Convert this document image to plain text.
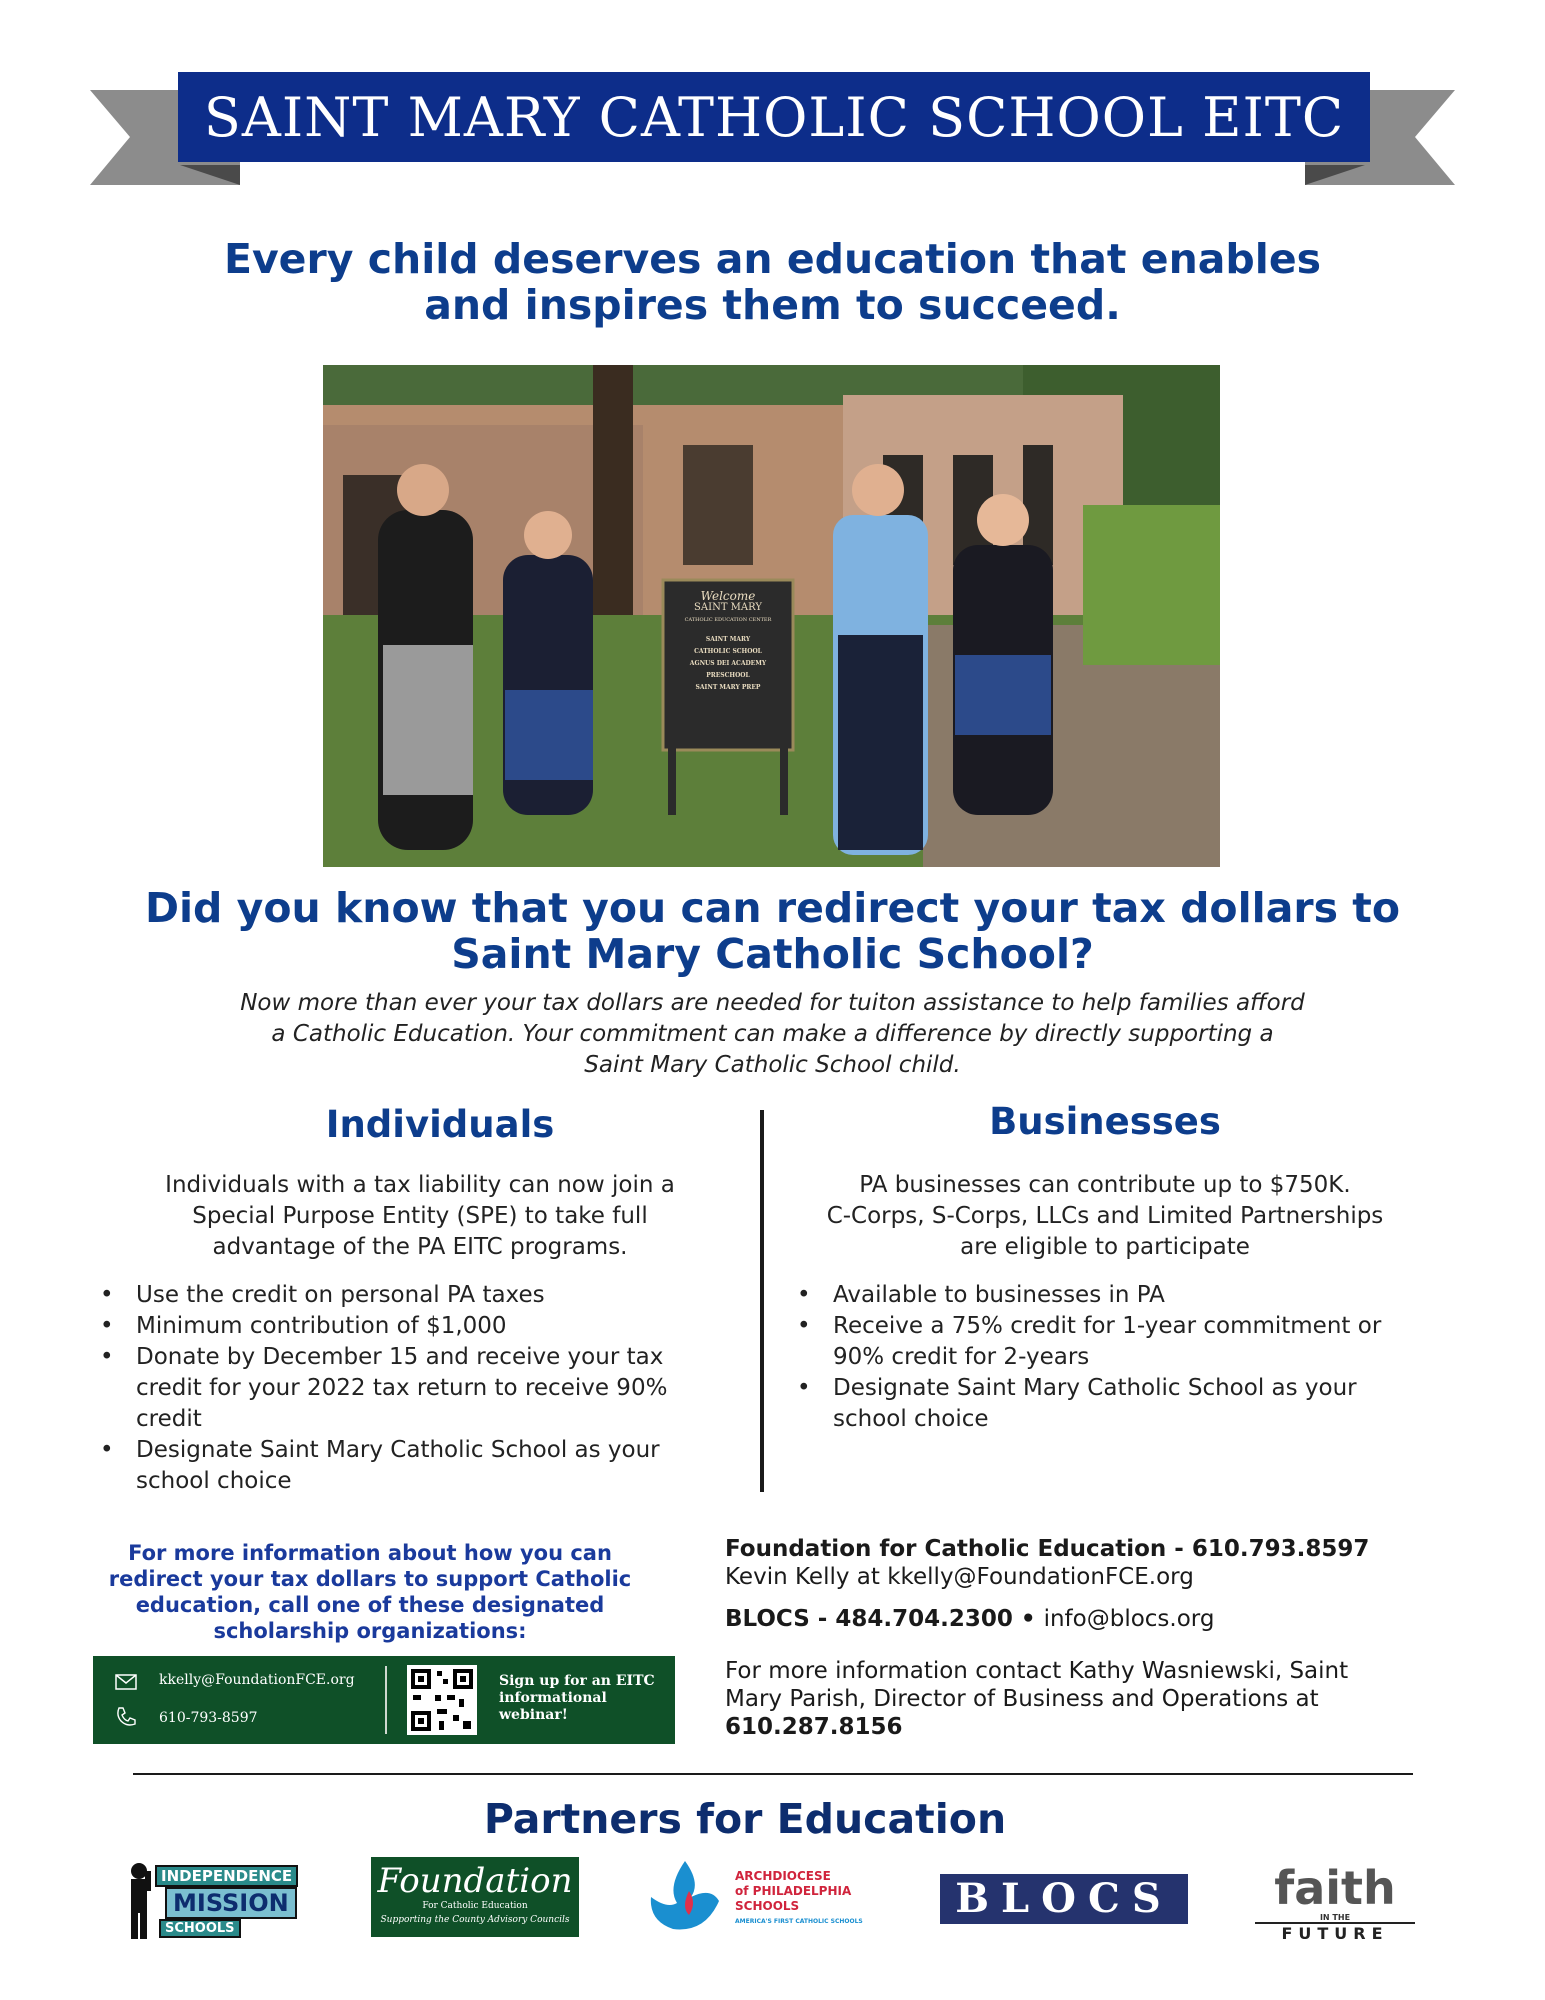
SAINT MARY CATHOLIC SCHOOL EITC
Every child deserves an education that enables
and inspires them to succeed.
Welcome
SAINT MARY
CATHOLIC EDUCATION CENTER
SAINT MARY
CATHOLIC SCHOOL
AGNUS DEI ACADEMY
PRESCHOOL
SAINT MARY PREP
Did you know that you can redirect your tax dollars to
Saint Mary Catholic School?
Now more than ever your tax dollars are needed for tuiton assistance to help families afford
a Catholic Education. Your commitment can make a difference by directly supporting a
Saint Mary Catholic School child.
Individuals
Individuals with a tax liability can now join a
Special Purpose Entity (SPE) to take full
advantage of the PA EITC programs.
• Use the credit on personal PA taxes
• Minimum contribution of $1,000
• Donate by December 15 and receive your tax credit for your 2022 tax return to receive 90% credit
• Designate Saint Mary Catholic School as your school choice
Businesses
PA businesses can contribute up to $750K.
C-Corps, S-Corps, LLCs and Limited Partnerships
are eligible to participate
• Available to businesses in PA
• Receive a 75% credit for 1-year commitment or 90% credit for 2-years
• Designate Saint Mary Catholic School as your school choice
For more information about how you can
redirect your tax dollars to support Catholic
education, call one of these designated
scholarship organizations:
kkelly@FoundationFCE.org
610-793-8597
Sign up for an EITC
informational
webinar!
Foundation for Catholic Education - 610.793.8597
Kevin Kelly at kkelly@FoundationFCE.org
BLOCS - 484.704.2300 • info@blocs.org
For more information contact Kathy Wasniewski, Saint
Mary Parish, Director of Business and Operations at
610.287.8156
Partners for Education
INDEPENDENCE
MISSION
SCHOOLS
Foundation
For Catholic Education
Supporting the County Advisory Councils
ARCHDIOCESE
of PHILADELPHIA
SCHOOLS
AMERICA'S FIRST CATHOLIC SCHOOLS	BLOCS	faith
IN THE
FUTURE
